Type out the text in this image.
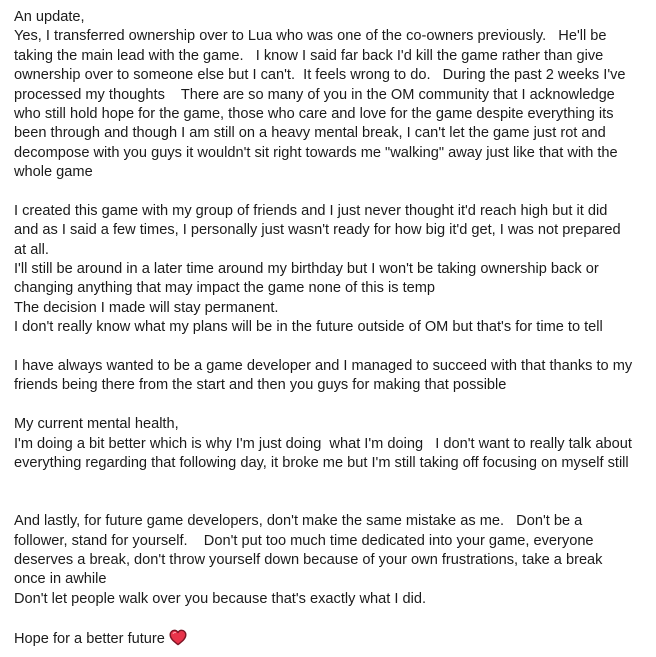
An update,
Yes, I transferred ownership over to Lua who was one of the co-owners previously.   He'll be
taking the main lead with the game.   I know I said far back I'd kill the game rather than give
ownership over to someone else but I can't.  It feels wrong to do.   During the past 2 weeks I've
processed my thoughts    There are so many of you in the OM community that I acknowledge
who still hold hope for the game, those who care and love for the game despite everything its
been through and though I am still on a heavy mental break, I can't let the game just rot and
decompose with you guys it wouldn't sit right towards me "walking" away just like that with the
whole game
I created this game with my group of friends and I just never thought it'd reach high but it did
and as I said a few times, I personally just wasn't ready for how big it'd get, I was not prepared
at all.
I'll still be around in a later time around my birthday but I won't be taking ownership back or
changing anything that may impact the game none of this is temp
The decision I made will stay permanent.
I don't really know what my plans will be in the future outside of OM but that's for time to tell
I have always wanted to be a game developer and I managed to succeed with that thanks to my
friends being there from the start and then you guys for making that possible
My current mental health,
I'm doing a bit better which is why I'm just doing  what I'm doing   I don't want to really talk about
everything regarding that following day, it broke me but I'm still taking off focusing on myself still
And lastly, for future game developers, don't make the same mistake as me.   Don't be a
follower, stand for yourself.    Don't put too much time dedicated into your game, everyone
deserves a break, don't throw yourself down because of your own frustrations, take a break
once in awhile
Don't let people walk over you because that's exactly what I did.
Hope for a better future
